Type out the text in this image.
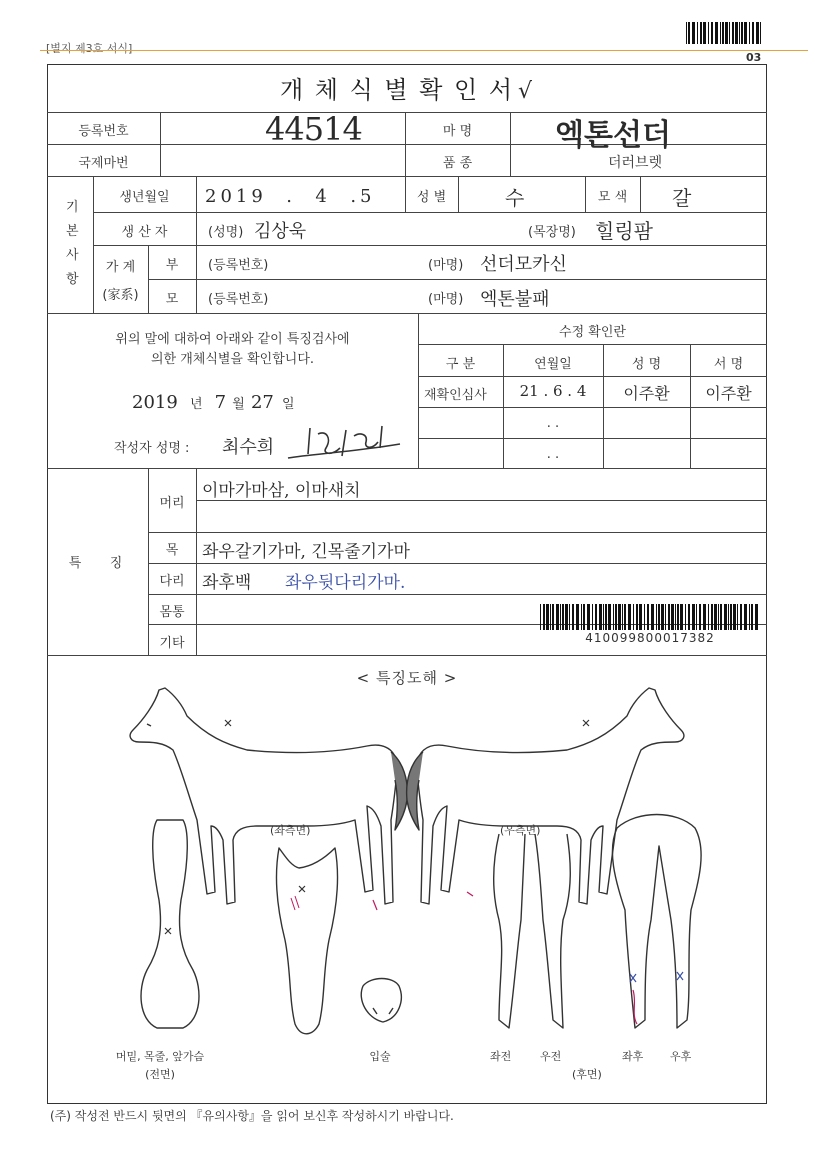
[별지 제3호 서식]
03
개 체 식 별 확 인 서 √
등록번호	44514	마 명	엑톤선더
국제마번	품 종	더러브렛
기
본
사
항
생년월일	2019  .  4  .5	성 별	수	모 색	갈
생 산 자	(성명) 김상욱	(목장명) 힐링팜
가 계
(家系)
부	(등록번호)	(마명) 선더모카신
모	(등록번호)	(마명) 엑톤불패
위의 말에 대하여 아래와 같이 특징검사에
의한 개체식별을 확인합니다.
2019 년 7 월 27 일
작성자 성명 : 최수희
수정 확인란
구 분	연월일	성 명	서 명
재확인심사	21 . 6 . 4	이주환	이주환
. .
. .
특   징
머리
이마가마삼, 이마새치
목	좌우갈기가마, 긴목줄기가마
다리	좌후백 좌우뒷다리가마.
몸통
기타	410099800017382
< 특징도해 >
(좌측면)	(우측면)
머밑, 목줄, 앞가슴
(전면)
입술	좌전	우전	좌후 우후
(후면)
(주) 작성전 반드시 뒷면의 『유의사항』을 읽어 보신후 작성하시기 바랍니다.
